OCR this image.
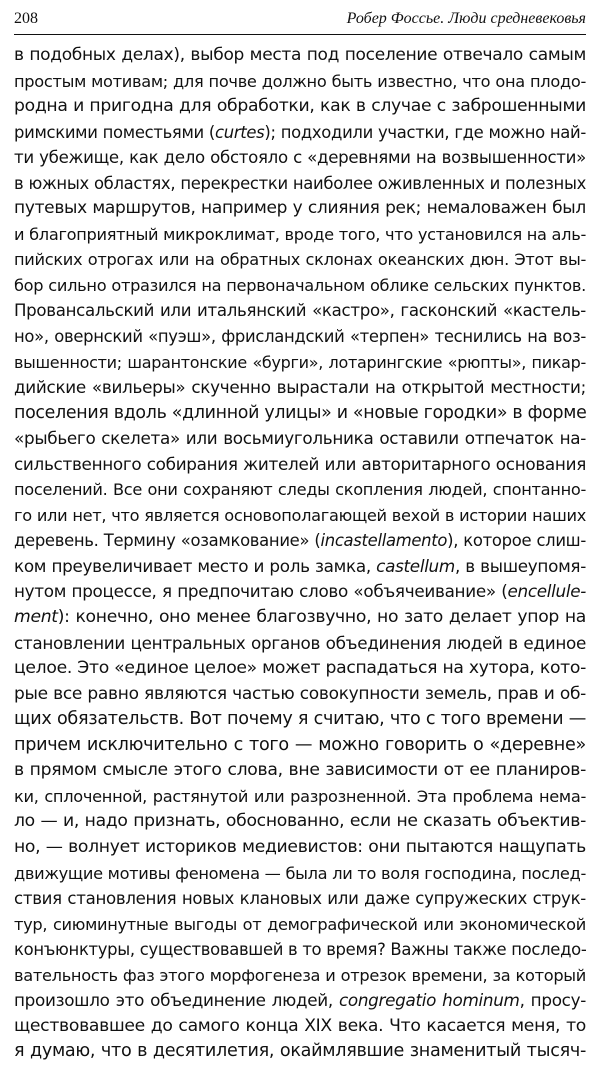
208	Робер Фоссье. Люди средневековья
в подобных делах), выбор места под поселение отвечало самым
простым мотивам; для почве должно быть известно, что она плодо-
родна и пригодна для обработки, как в случае с заброшенными
римскими поместьями (curtes); подходили участки, где можно най-
ти убежище, как дело обстояло с «деревнями на возвышенности»
в южных областях, перекрестки наиболее оживленных и полезных
путевых маршрутов, например у слияния рек; немаловажен был
и благоприятный микроклимат, вроде того, что установился на аль-
пийских отрогах или на обратных склонах океанских дюн. Этот вы-
бор сильно отразился на первоначальном облике сельских пунктов.
Провансальский или итальянский «кастро», гасконский «кастель-
но», овернский «пуэш», фрисландский «терпен» теснились на воз-
вышенности; шарантонские «бурги», лотарингские «рюпты», пикар-
дийские «вильеры» скученно вырастали на открытой местности;
поселения вдоль «длинной улицы» и «новые городки» в форме
«рыбьего скелета» или восьмиугольника оставили отпечаток на-
сильственного собирания жителей или авторитарного основания
поселений. Все они сохраняют следы скопления людей, спонтанно-
го или нет, что является основополагающей вехой в истории наших
деревень. Термину «озамкование» (incastellamento), которое слиш-
ком преувеличивает место и роль замка, castellum, в вышеупомя-
нутом процессе, я предпочитаю слово «объячеивание» (encellule-
ment): конечно, оно менее благозвучно, но зато делает упор на
становлении центральных органов объединения людей в единое
целое. Это «единое целое» может распадаться на хутора, кото-
рые все равно являются частью совокупности земель, прав и об-
щих обязательств. Вот почему я считаю, что с того времени —
причем исключительно с того — можно говорить о «деревне»
в прямом смысле этого слова, вне зависимости от ее планиров-
ки, сплоченной, растянутой или разрозненной. Эта проблема нема-
ло — и, надо признать, обоснованно, если не сказать объектив-
но, — волнует историков медиевистов: они пытаются нащупать
движущие мотивы феномена — была ли то воля господина, послед-
ствия становления новых клановых или даже супружеских струк-
тур, сиюминутные выгоды от демографической или экономической
конъюнктуры, существовавшей в то время? Важны также последо-
вательность фаз этого морфогенеза и отрезок времени, за который
произошло это объединение людей, congregatio hominum, просу-
ществовавшее до самого конца XIX века. Что касается меня, то
я думаю, что в десятилетия, окаймлявшие знаменитый тысяч-
